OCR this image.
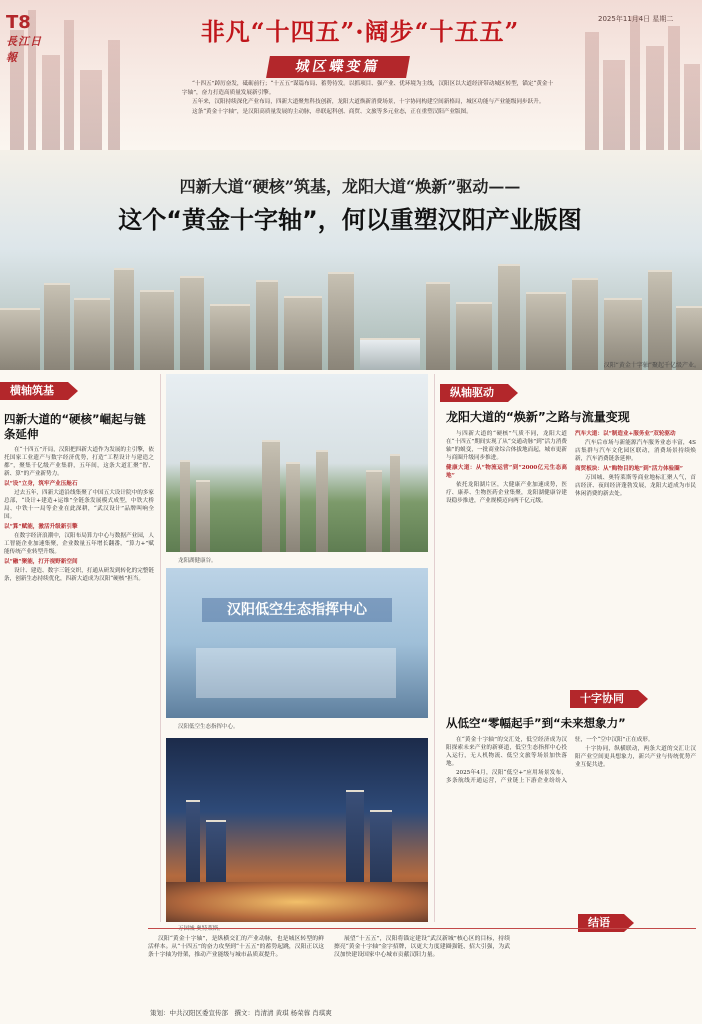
T8
長江日報
非凡“十四五”·阔步“十五五”	2025年11月4日 星期二
城区蝶变篇

“十四五”踔厉奋发，砥砺前行；“十五五”谋篇布局、蓄势待发。以抓项目、强产业、优环境为主线，汉阳区以大道经济带动城区转型，锚定“黄金十字轴”，奋力打造高质量发展新引擎。

五年来，汉阳持续深化产业布局，四新大道聚焦科技创新，龙阳大道焕新消费场景，十字协同构建空间新格局，城区功能与产业能级同步跃升。

这条“黄金十字轴”，是汉阳高质量发展的主动脉，串联起科创、商贸、文旅等多元业态，正在重塑汉阳产业版图。

四新大道“硬核”筑基，龙阳大道“焕新”驱动——
这个“黄金十字轴”，何以重塑汉阳产业版图
汉阳“黄金十字轴”聚起千亿级产业。
横轴筑基
四新大道的“硬核”崛起与链条延伸

在“十四五”开局，汉阳把四新大道作为发展的主引擎，依托国家工业遗产与数字经济优势，打造“工程设计与建造之都”，聚集千亿级产业集群，五年间，这条大道汇聚“智、新、算”的产业新势力。

以“设”立身，筑牢产业压舱石

过去五年，四新大道沿线集聚了中国五大设计院中的多家总部，“设计+建造+运维”全链条发展模式成型，中铁大桥局、中铁十一局等企业在此深耕，“武汉设计”品牌叫响全国。

以“算”赋能，激活升级新引擎

在数字经济浪潮中，汉阳布局算力中心与数据产业园，人工智能企业加速集聚，企业数量五年增长翻番，“算力+”赋能传统产业转型升级。

以“融”聚能，打开视野新空间

设计、建造、数字三链交织，打通从研发到转化的完整链条，创新生态持续优化，四新大道成为汉阳“硬核”担当。

龙阳湖健康谷。
汉阳低空生态指挥中心
汉阳低空生态指挥中心。
万国城·奥特莱斯。
纵轴驱动
龙阳大道的“焕新”之路与流量变现

与四新大道的“硬核”气质不同，龙阳大道在“十四五”期间实现了从“交通动脉”到“活力消费轴”的蜕变，一批商业综合体拔地而起，城市更新与商圈升级同步推进。

健康大道：从“物流运营”到“2000亿元生态高地”

依托龙阳湖片区，大健康产业加速成势，医疗、康养、生物医药企业集聚，龙阳湖健康谷建设稳步推进，产业规模迈向两千亿元级。

汽车大道：以“制造业+服务业”双轮驱动

汽车后市场与新能源汽车服务业态丰富，4S店集群与汽车文化园区联动，消费场景持续焕新，汽车消费链条延伸。

商贸板块：从“购物目的地”到“活力体验圈”

万国城、奥特莱斯等商业地标汇聚人气，首店经济、夜间经济蓬勃发展，龙阳大道成为市民休闲消费的新去处。

十字协同
从低空“零幅起手”到“未来想象力”

在“黄金十字轴”的交汇处，低空经济成为汉阳探索未来产业的新赛道，低空生态指挥中心投入运行，无人机物流、低空文旅等场景加快落地。

2025年4月，汉阳“低空+”应用场景发布，多条航线开通运营，产业链上下游企业纷纷入驻，一个“空中汉阳”正在成形。

十字协同，纵横联动，两条大道的交汇让汉阳产业空间更具想象力，新兴产业与传统优势产业互促共进。

结语

汉阳“黄金十字轴”，是纵横交汇的产业动脉，也是城区转型的鲜活样本。从“十四五”的奋力攻坚到“十五五”的蓄势起跳，汉阳正以这条十字轴为骨架，推动产业能级与城市品质双提升。

展望“十五五”，汉阳将锚定建设“武汉新城”核心区的目标，持续擦亮“黄金十字轴”金字招牌，以更大力度建圈强链、招大引强，为武汉加快建设国家中心城市贡献汉阳力量。

策划：中共汉阳区委宣传部　撰文：肖清清 黄琪 杨荣蓉 肖琪爽
